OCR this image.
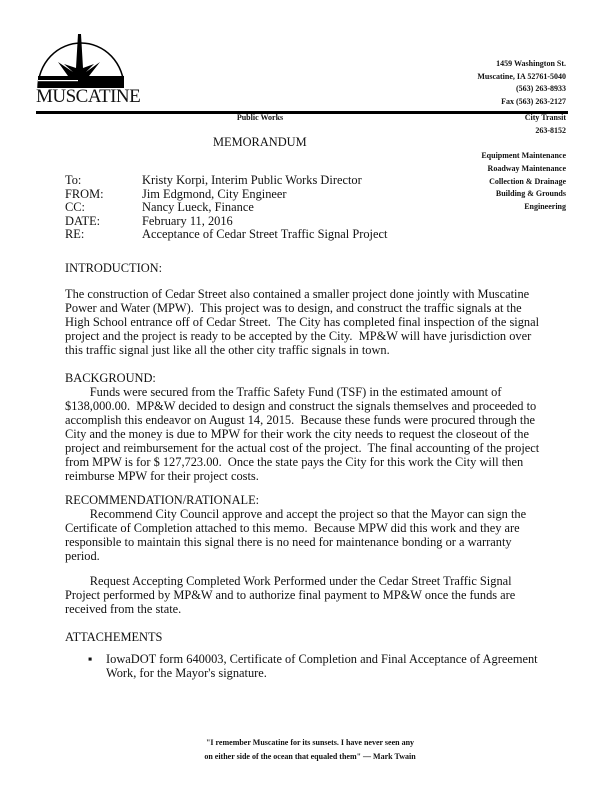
MUSCATINE
1459 Washington St.
Muscatine, IA 52761-5040
(563) 263-8933
Fax (563) 263-2127
Public Works	City Transit
263-8152
Equipment Maintenance
Roadway Maintenance
Collection & Drainage
Building & Grounds
Engineering
MEMORANDUM
To:	Kristy Korpi, Interim Public Works Director
FROM:	Jim Edgmond, City Engineer
CC:	Nancy Lueck, Finance
DATE:	February 11, 2016
RE:	Acceptance of Cedar Street Traffic Signal Project
INTRODUCTION:
The construction of Cedar Street also contained a smaller project done jointly with Muscatine
Power and Water (MPW).  This project was to design, and construct the traffic signals at the
High School entrance off of Cedar Street.  The City has completed final inspection of the signal
project and the project is ready to be accepted by the City.  MP&W will have jurisdiction over
this traffic signal just like all the other city traffic signals in town.
BACKGROUND:
Funds were secured from the Traffic Safety Fund (TSF) in the estimated amount of
$138,000.00.  MP&W decided to design and construct the signals themselves and proceeded to
accomplish this endeavor on August 14, 2015.  Because these funds were procured through the
City and the money is due to MPW for their work the city needs to request the closeout of the
project and reimbursement for the actual cost of the project.  The final accounting of the project
from MPW is for $ 127,723.00.  Once the state pays the City for this work the City will then
reimburse MPW for their project costs.
RECOMMENDATION/RATIONALE:
Recommend City Council approve and accept the project so that the Mayor can sign the
Certificate of Completion attached to this memo.  Because MPW did this work and they are
responsible to maintain this signal there is no need for maintenance bonding or a warranty
period.
Request Accepting Completed Work Performed under the Cedar Street Traffic Signal
Project performed by MP&W and to authorize final payment to MP&W once the funds are
received from the state.
ATTACHEMENTS
▪ IowaDOT form 640003, Certificate of Completion and Final Acceptance of Agreement
Work, for the Mayor's signature.
"I remember Muscatine for its sunsets. I have never seen any
on either side of the ocean that equaled them" — Mark Twain
